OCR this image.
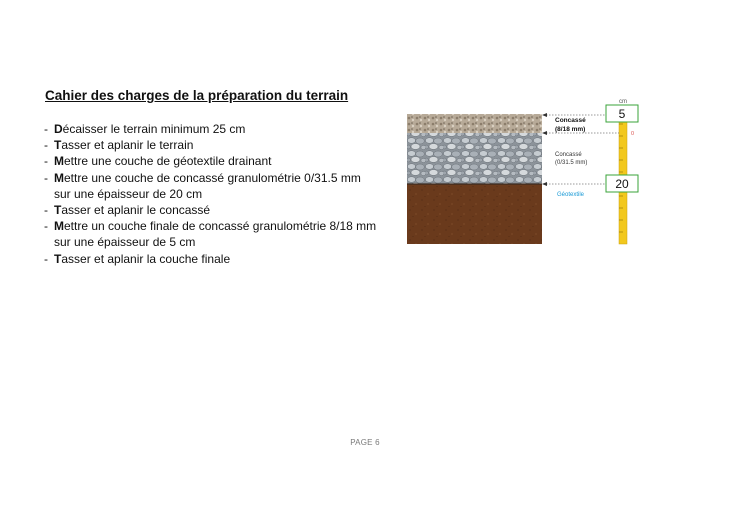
Cahier des charges de la préparation du terrain
- Décaisser le terrain minimum 25 cm
- Tasser et aplanir le terrain
- Mettre une couche de géotextile drainant
- Mettre une couche de concassé granulométrie 0/31.5 mm
sur une épaisseur de 20 cm
- Tasser et aplanir le concassé
- Mettre un couche finale de concassé granulométrie 8/18 mm
sur une épaisseur de 5 cm
- Tasser et aplanir la couche finale
cm
5
0
Concassé
(8/18 mm)
Concassé
(0/31.5 mm)
20
Géotextile
PAGE 6
